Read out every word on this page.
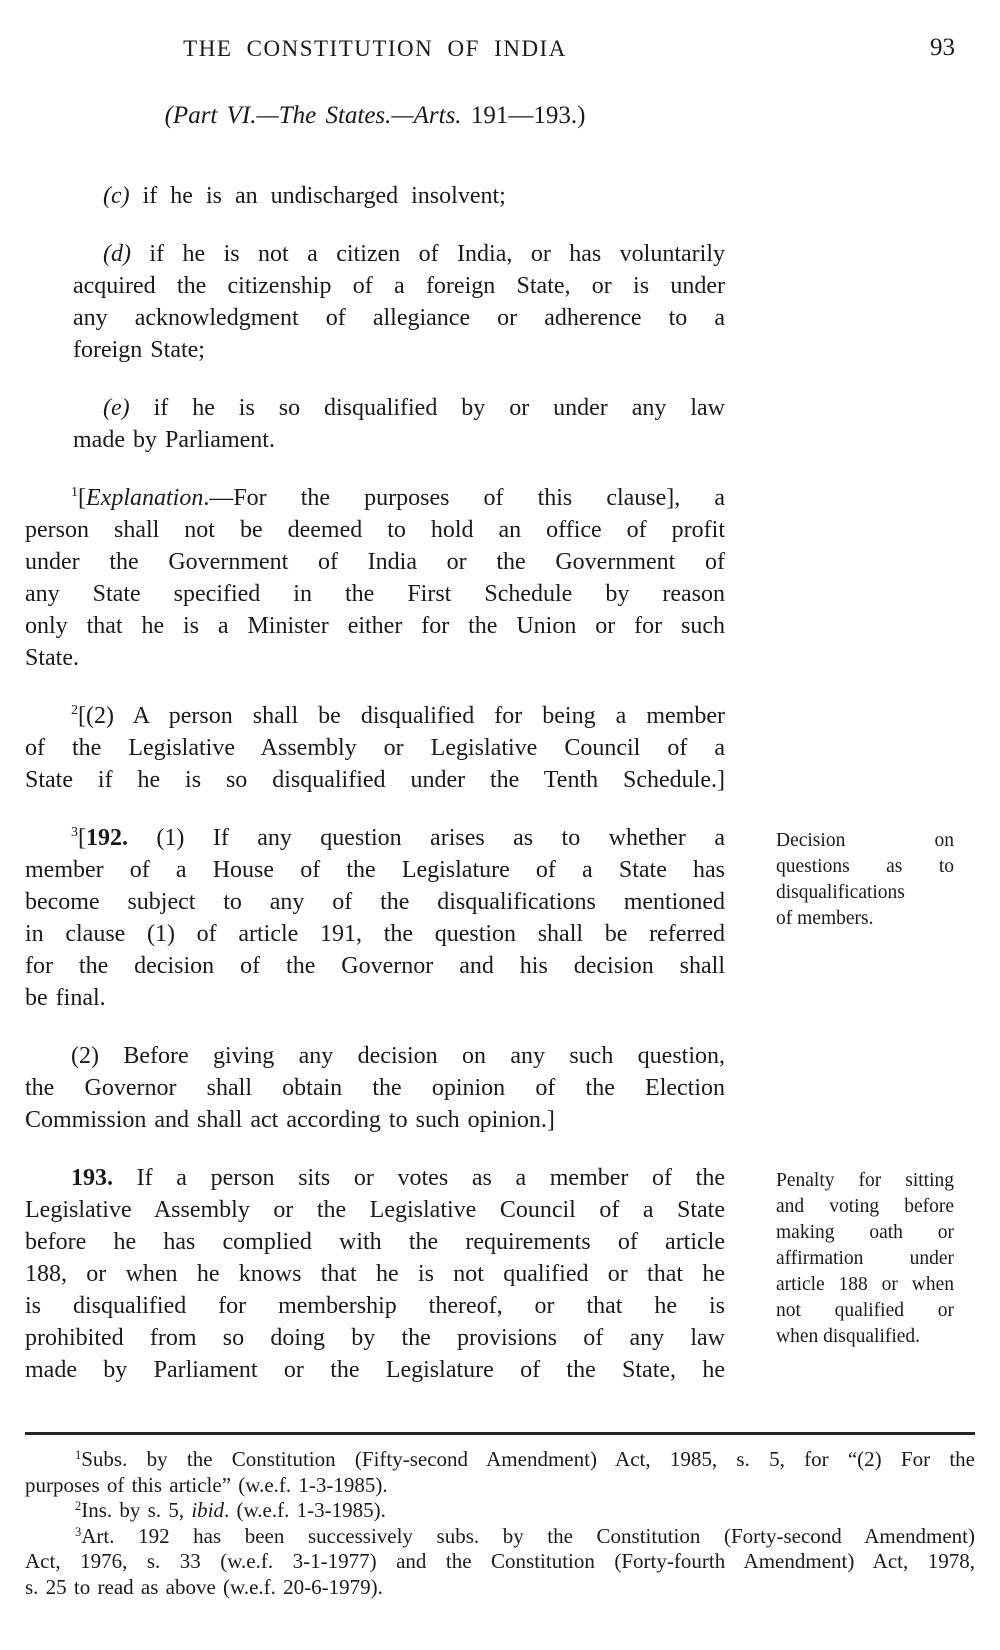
THE CONSTITUTION OF INDIA	93
(Part VI.—The States.—Arts. 191—193.)
(c) if he is an undischarged insolvent;
(d) if he is not a citizen of India, or has voluntarily
acquired the citizenship of a foreign State, or is under
any acknowledgment of allegiance or adherence to a
foreign State;
(e) if he is so disqualified by or under any law
made by Parliament.
$^1$[Explanation.—For the purposes of this clause], a
person shall not be deemed to hold an office of profit
under the Government of India or the Government of
any State specified in the First Schedule by reason
only that he is a Minister either for the Union or for such
State.
$^2$[(2) A person shall be disqualified for being a member
of the Legislative Assembly or Legislative Council of a
State if he is so disqualified under the Tenth Schedule.]
$^3$[192. (1) If any question arises as to whether a
member of a House of the Legislature of a State has
become subject to any of the disqualifications mentioned
in clause (1) of article 191, the question shall be referred
for the decision of the Governor and his decision shall
be final.
Decision on
questions as to
disqualifications
of members.
(2) Before giving any decision on any such question,
the Governor shall obtain the opinion of the Election
Commission and shall act according to such opinion.]
193. If a person sits or votes as a member of the
Legislative Assembly or the Legislative Council of a State
before he has complied with the requirements of article
188, or when he knows that he is not qualified or that he
is disqualified for membership thereof, or that he is
prohibited from so doing by the provisions of any law
made by Parliament or the Legislature of the State, he
Penalty for sitting
and voting before
making oath or
affirmation under
article 188 or when
not qualified or
when disqualified.
$^1$Subs. by the Constitution (Fifty-second Amendment) Act, 1985, s. 5, for “(2) For the
purposes of this article” (w.e.f. 1-3-1985).
$^2$Ins. by s. 5, ibid. (w.e.f. 1-3-1985).
$^3$Art. 192 has been successively subs. by the Constitution (Forty-second Amendment)
Act, 1976, s. 33 (w.e.f. 3-1-1977) and the Constitution (Forty-fourth Amendment) Act, 1978,
s. 25 to read as above (w.e.f. 20-6-1979).
